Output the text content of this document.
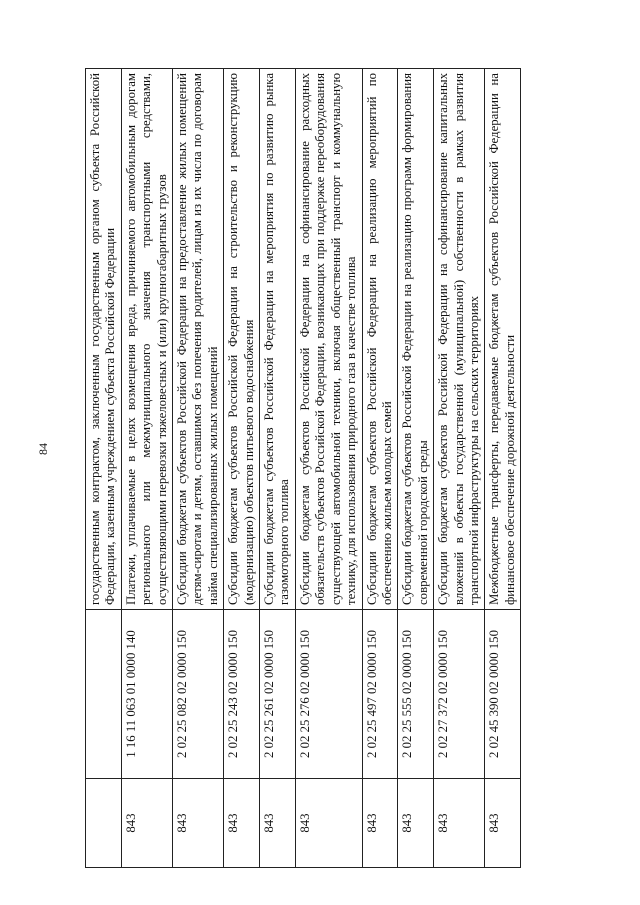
84
			государственным контрактом, заключенным государственным органом субъекта Российской Федерации, казенным учреждением субъекта Российской Федерации
843	1 16 11 063 01 0000 140	Платежи, уплачиваемые в целях возмещения вреда, причиняемого автомобильным дорогам регионального или межмуниципального значения транспортными средствами, осуществляющими перевозки тяжеловесных и (или) крупногабаритных грузов
843	2 02 25 082 02 0000 150	Субсидии бюджетам субъектов Российской Федерации на предоставление жилых помещений детям-сиротам и детям, оставшимся без попечения родителей, лицам из их числа по договорам найма специализированных жилых помещений
843	2 02 25 243 02 0000 150	Субсидии бюджетам субъектов Российской Федерации на строительство и реконструкцию (модернизацию) объектов питьевого водоснабжения
843	2 02 25 261 02 0000 150	Субсидии бюджетам субъектов Российской Федерации на мероприятия по развитию рынка газомоторного топлива
843	2 02 25 276 02 0000 150	Субсидии бюджетам субъектов Российской Федерации на софинансирование расходных обязательств субъектов Российской Федерации, возникающих при поддержке переоборудования существующей автомобильной техники, включая общественный транспорт и коммунальную технику, для использования природного газа в качестве топлива
843	2 02 25 497 02 0000 150	Субсидии бюджетам субъектов Российской Федерации на реализацию мероприятий по обеспечению жильем молодых семей
843	2 02 25 555 02 0000 150	Субсидии бюджетам субъектов Российской Федерации на реализацию программ формирования современной городской среды
843	2 02 27 372 02 0000 150	Субсидии бюджетам субъектов Российской Федерации на софинансирование капитальных вложений в объекты государственной (муниципальной) собственности в рамках развития транспортной инфраструктуры на сельских территориях
843	2 02 45 390 02 0000 150	Межбюджетные трансферты, передаваемые бюджетам субъектов Российской Федерации на финансовое обеспечение дорожной деятельности
